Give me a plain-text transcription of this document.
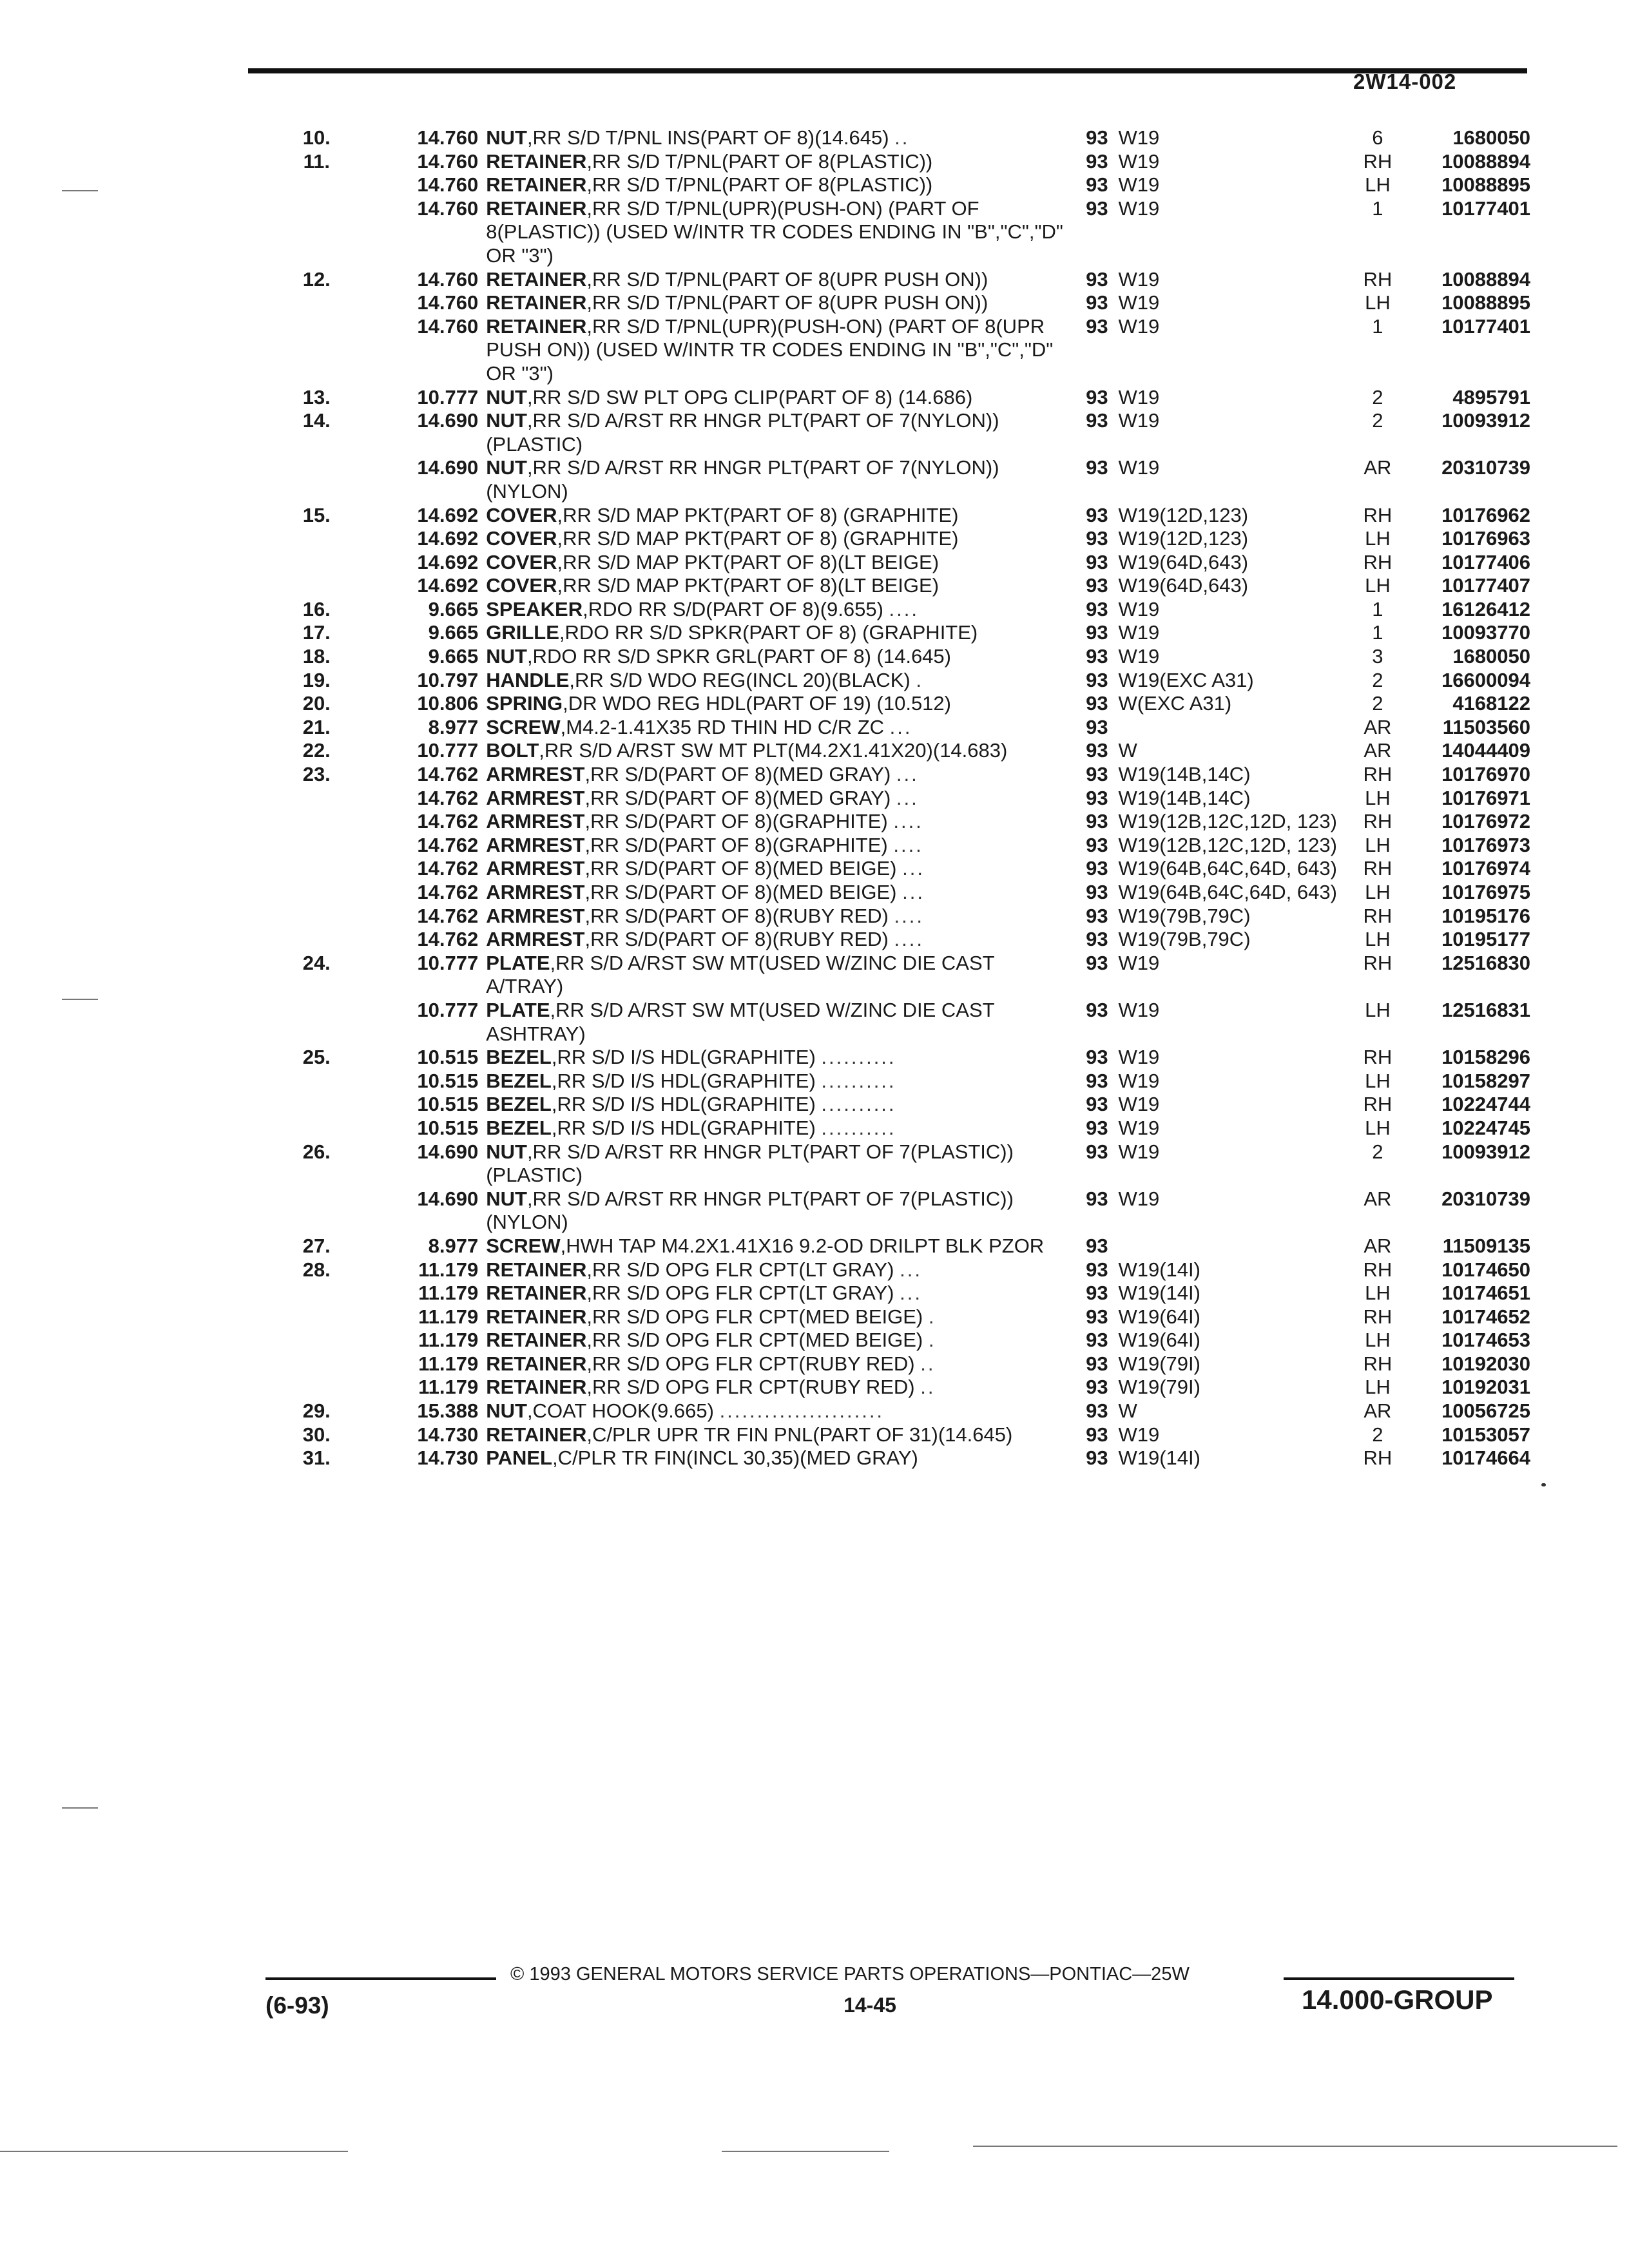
2W14-002
10.	14.760	NUT,RR S/D T/PNL INS(PART OF 8)(14.645) ..	93	W19	6	1680050
11.	14.760	RETAINER,RR S/D T/PNL(PART OF 8(PLASTIC))	93	W19	RH	10088894
	14.760	RETAINER,RR S/D T/PNL(PART OF 8(PLASTIC))	93	W19	LH	10088895
	14.760	RETAINER,RR S/D T/PNL(UPR)(PUSH-ON) (PART OF 8(PLASTIC)) (USED W/INTR TR CODES ENDING IN "B","C","D" OR "3")	93	W19	1	10177401
12.	14.760	RETAINER,RR S/D T/PNL(PART OF 8(UPR PUSH ON))	93	W19	RH	10088894
	14.760	RETAINER,RR S/D T/PNL(PART OF 8(UPR PUSH ON))	93	W19	LH	10088895
	14.760	RETAINER,RR S/D T/PNL(UPR)(PUSH-ON) (PART OF 8(UPR PUSH ON)) (USED W/INTR TR CODES ENDING IN "B","C","D" OR "3")	93	W19	1	10177401
13.	10.777	NUT,RR S/D SW PLT OPG CLIP(PART OF 8) (14.686)	93	W19	2	4895791
14.	14.690	NUT,RR S/D A/RST RR HNGR PLT(PART OF 7(NYLON))(PLASTIC)	93	W19	2	10093912
	14.690	NUT,RR S/D A/RST RR HNGR PLT(PART OF 7(NYLON))(NYLON)	93	W19	AR	20310739
15.	14.692	COVER,RR S/D MAP PKT(PART OF 8) (GRAPHITE)	93	W19(12D,123)	RH	10176962
	14.692	COVER,RR S/D MAP PKT(PART OF 8) (GRAPHITE)	93	W19(12D,123)	LH	10176963
	14.692	COVER,RR S/D MAP PKT(PART OF 8)(LT BEIGE)	93	W19(64D,643)	RH	10177406
	14.692	COVER,RR S/D MAP PKT(PART OF 8)(LT BEIGE)	93	W19(64D,643)	LH	10177407
16.	9.665	SPEAKER,RDO RR S/D(PART OF 8)(9.655) ....	93	W19	1	16126412
17.	9.665	GRILLE,RDO RR S/D SPKR(PART OF 8) (GRAPHITE)	93	W19	1	10093770
18.	9.665	NUT,RDO RR S/D SPKR GRL(PART OF 8) (14.645)	93	W19	3	1680050
19.	10.797	HANDLE,RR S/D WDO REG(INCL 20)(BLACK) .	93	W19(EXC A31)	2	16600094
20.	10.806	SPRING,DR WDO REG HDL(PART OF 19) (10.512)	93	W(EXC A31)	2	4168122
21.	8.977	SCREW,M4.2-1.41X35 RD THIN HD C/R ZC ...	93		AR	11503560
22.	10.777	BOLT,RR S/D A/RST SW MT PLT(M4.2X1.41X20)(14.683)	93	W	AR	14044409
23.	14.762	ARMREST,RR S/D(PART OF 8)(MED GRAY) ...	93	W19(14B,14C)	RH	10176970
	14.762	ARMREST,RR S/D(PART OF 8)(MED GRAY) ...	93	W19(14B,14C)	LH	10176971
	14.762	ARMREST,RR S/D(PART OF 8)(GRAPHITE) ....	93	W19(12B,12C,12D, 123)	RH	10176972
	14.762	ARMREST,RR S/D(PART OF 8)(GRAPHITE) ....	93	W19(12B,12C,12D, 123)	LH	10176973
	14.762	ARMREST,RR S/D(PART OF 8)(MED BEIGE) ...	93	W19(64B,64C,64D, 643)	RH	10176974
	14.762	ARMREST,RR S/D(PART OF 8)(MED BEIGE) ...	93	W19(64B,64C,64D, 643)	LH	10176975
	14.762	ARMREST,RR S/D(PART OF 8)(RUBY RED) ....	93	W19(79B,79C)	RH	10195176
	14.762	ARMREST,RR S/D(PART OF 8)(RUBY RED) ....	93	W19(79B,79C)	LH	10195177
24.	10.777	PLATE,RR S/D A/RST SW MT(USED W/ZINC DIE CAST A/TRAY)	93	W19	RH	12516830
	10.777	PLATE,RR S/D A/RST SW MT(USED W/ZINC DIE CAST ASHTRAY)	93	W19	LH	12516831
25.	10.515	BEZEL,RR S/D I/S HDL(GRAPHITE) ..........	93	W19	RH	10158296
	10.515	BEZEL,RR S/D I/S HDL(GRAPHITE) ..........	93	W19	LH	10158297
	10.515	BEZEL,RR S/D I/S HDL(GRAPHITE) ..........	93	W19	RH	10224744
	10.515	BEZEL,RR S/D I/S HDL(GRAPHITE) ..........	93	W19	LH	10224745
26.	14.690	NUT,RR S/D A/RST RR HNGR PLT(PART OF 7(PLASTIC))(PLASTIC)	93	W19	2	10093912
	14.690	NUT,RR S/D A/RST RR HNGR PLT(PART OF 7(PLASTIC))(NYLON)	93	W19	AR	20310739
27.	8.977	SCREW,HWH TAP M4.2X1.41X16 9.2-OD DRILPT BLK PZOR	93		AR	11509135
28.	11.179	RETAINER,RR S/D OPG FLR CPT(LT GRAY) ...	93	W19(14I)	RH	10174650
	11.179	RETAINER,RR S/D OPG FLR CPT(LT GRAY) ...	93	W19(14I)	LH	10174651
	11.179	RETAINER,RR S/D OPG FLR CPT(MED BEIGE) .	93	W19(64I)	RH	10174652
	11.179	RETAINER,RR S/D OPG FLR CPT(MED BEIGE) .	93	W19(64I)	LH	10174653
	11.179	RETAINER,RR S/D OPG FLR CPT(RUBY RED) ..	93	W19(79I)	RH	10192030
	11.179	RETAINER,RR S/D OPG FLR CPT(RUBY RED) ..	93	W19(79I)	LH	10192031
29.	15.388	NUT,COAT HOOK(9.665) ......................	93	W	AR	10056725
30.	14.730	RETAINER,C/PLR UPR TR FIN PNL(PART OF 31)(14.645)	93	W19	2	10153057
31.	14.730	PANEL,C/PLR TR FIN(INCL 30,35)(MED GRAY)	93	W19(14I)	RH	10174664
© 1993 GENERAL MOTORS SERVICE PARTS OPERATIONS—PONTIAC—25W
(6-93)	14-45	14.000-GROUP
